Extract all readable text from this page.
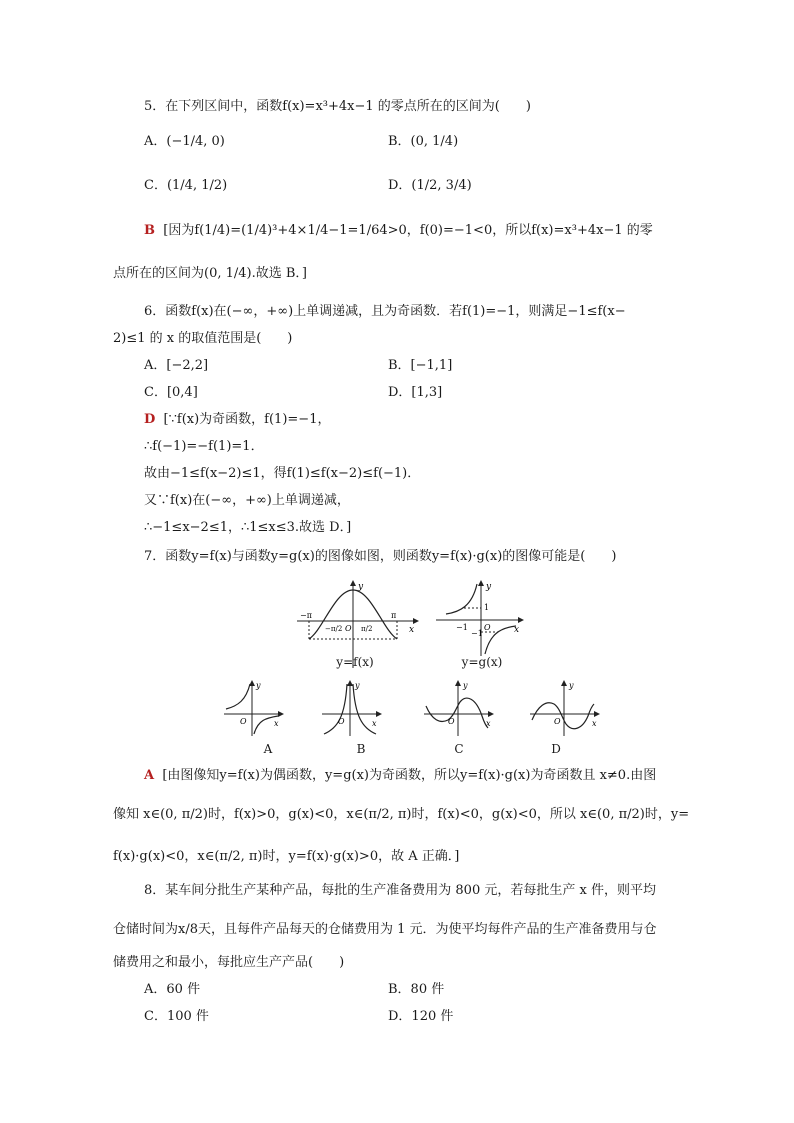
5．在下列区间中，函数f(x)=x³+4x−1 的零点所在的区间为(　　)
A．(−1/4, 0)	B．(0, 1/4)
C．(1/4, 1/2)	D．(1/2, 3/4)
B [因为f(1/4)=(1/4)³+4×1/4−1=1/64>0，f(0)=−1<0，所以f(x)=x³+4x−1 的零
点所在的区间为(0, 1/4).故选 B．]
6．函数f(x)在(−∞，+∞)上单调递减，且为奇函数．若f(1)=−1，则满足−1≤f(x−
2)≤1 的 x 的取值范围是(　　)
A．[−2,2]	B．[−1,1]
C．[0,4]	D．[1,3]
D [∵f(x)为奇函数，f(1)=−1，
∴f(−1)=−f(1)=1．
故由−1≤f(x−2)≤1，得f(1)≤f(x−2)≤f(−1)．
又∵f(x)在(−∞，+∞)上单调递减，
∴−1≤x−2≤1，∴1≤x≤3.故选 D．]
7．函数y=f(x)与函数y=g(x)的图像如图，则函数y=f(x)·g(x)的图像可能是(　　)
y
x
−π	π
−π/2 O π/2
y=f(x)
y
x
1
−1
−1
O
y=g(x)
y
x
O
A
y
x
O
B
y
x
O
C
y
x
O
D
A [由图像知y=f(x)为偶函数，y=g(x)为奇函数，所以y=f(x)·g(x)为奇函数且 x≠0.由图
像知 x∈(0, π/2)时，f(x)>0，g(x)<0，x∈(π/2, π)时，f(x)<0，g(x)<0，所以 x∈(0, π/2)时，y=
f(x)·g(x)<0，x∈(π/2, π)时，y=f(x)·g(x)>0，故 A 正确．]
8．某车间分批生产某种产品，每批的生产准备费用为 800 元，若每批生产 x 件，则平均
仓储时间为x/8天，且每件产品每天的仓储费用为 1 元．为使平均每件产品的生产准备费用与仓
储费用之和最小，每批应生产产品(　　)
A．60 件	B．80 件
C．100 件	D．120 件
